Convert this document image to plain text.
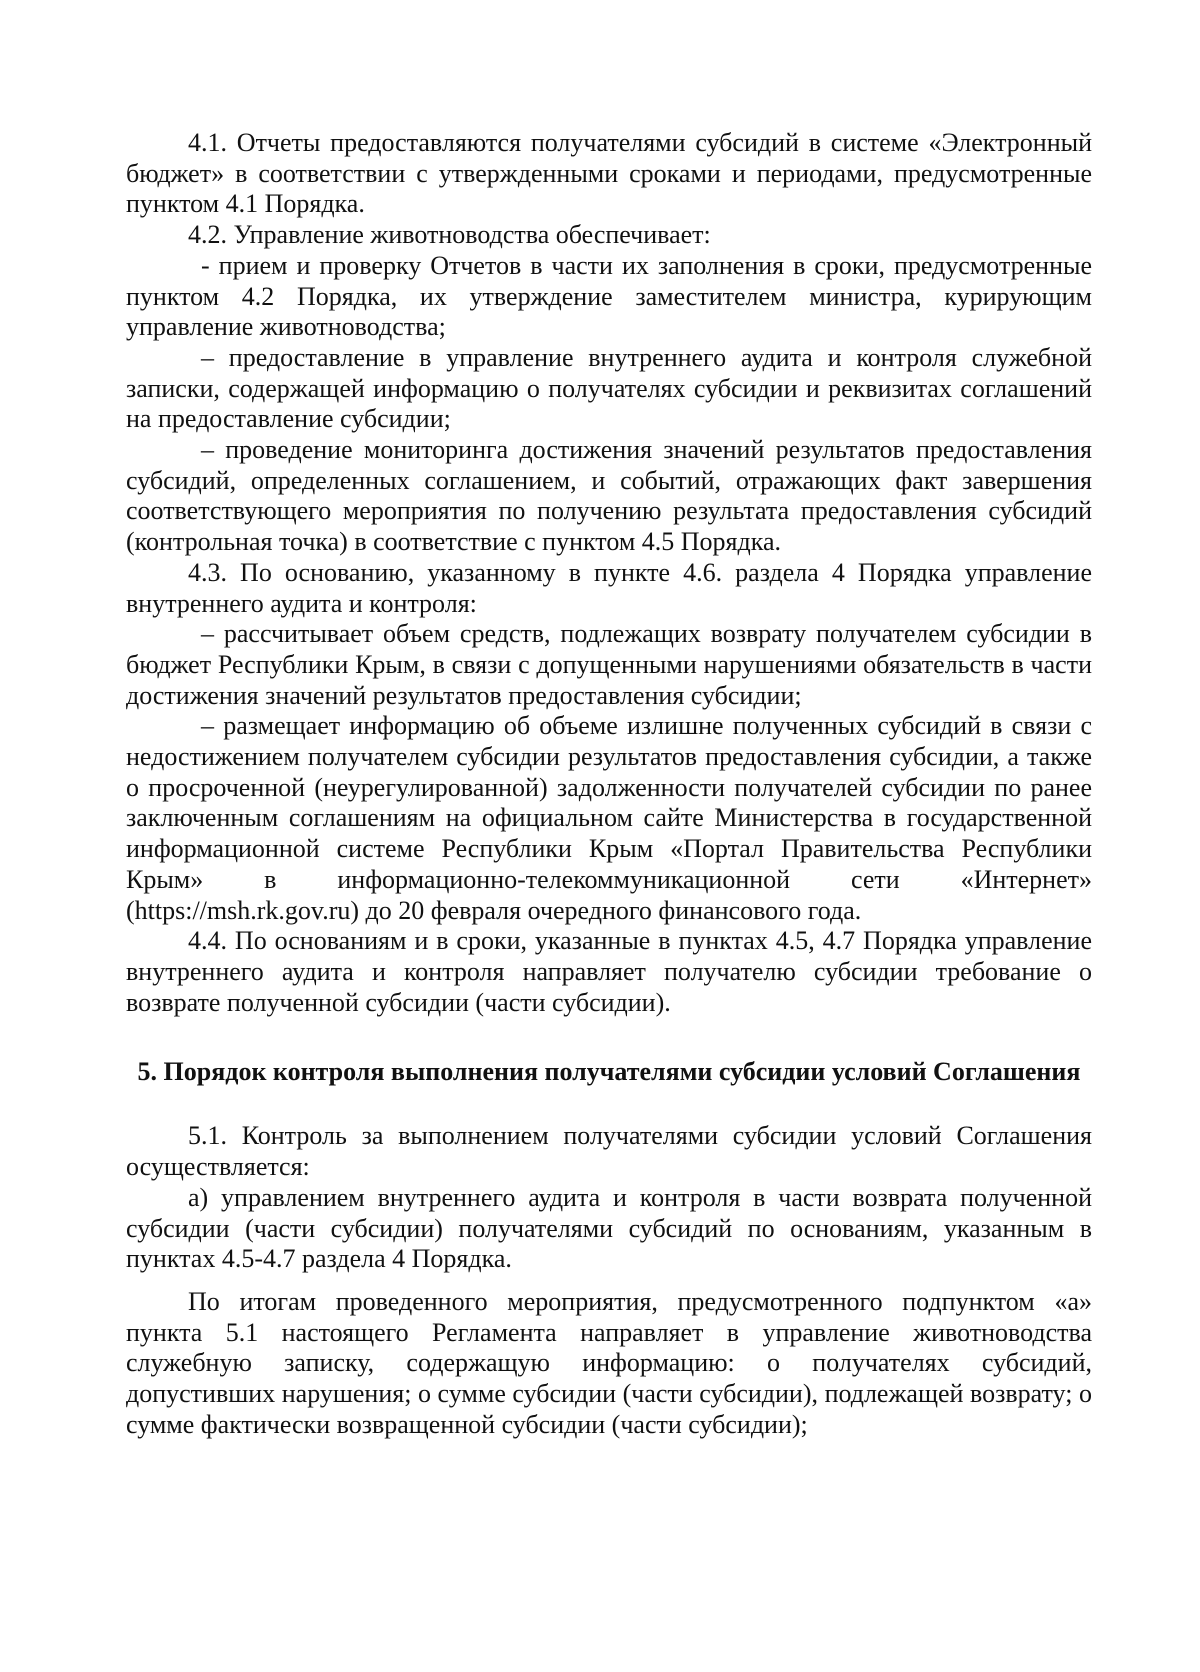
4.1. Отчеты предоставляются получателями субсидий в системе «Электронный бюджет» в соответствии с утвержденными сроками и периодами, предусмотренные пунктом 4.1 Порядка.

4.2. Управление животноводства обеспечивает:

- прием и проверку Отчетов в части их заполнения в сроки, предусмотренные пунктом 4.2 Порядка, их утверждение заместителем министра, курирующим управление животноводства;

– предоставление в управление внутреннего аудита и контроля служебной записки, содержащей информацию о получателях субсидии и реквизитах соглашений на предоставление субсидии;

– проведение мониторинга достижения значений результатов предоставления субсидий, определенных соглашением, и событий, отражающих факт завершения соответствующего мероприятия по получению результата предоставления субсидий (контрольная точка) в соответствие с пунктом 4.5 Порядка.

4.3. По основанию, указанному в пункте 4.6. раздела 4 Порядка управление внутреннего аудита и контроля:

– рассчитывает объем средств, подлежащих возврату получателем субсидии в бюджет Республики Крым, в связи с допущенными нарушениями обязательств в части достижения значений результатов предоставления субсидии;

– размещает информацию об объеме излишне полученных субсидий в связи с недостижением получателем субсидии результатов предоставления субсидии, а также о просроченной (неурегулированной) задолженности получателей субсидии по ранее заключенным соглашениям на официальном сайте Министерства в государственной информационной системе Республики Крым «Портал Правительства Республики Крым» в информационно-телекоммуникационной сети «Интернет» (https://msh.rk.gov.ru) до 20 февраля очередного финансового года.

4.4. По основаниям и в сроки, указанные в пунктах 4.5, 4.7 Порядка управление внутреннего аудита и контроля направляет получателю субсидии требование о возврате полученной субсидии (части субсидии).

5. Порядок контроля выполнения получателями субсидии условий Соглашения

5.1. Контроль за выполнением получателями субсидии условий Соглашения осуществляется:

а) управлением внутреннего аудита и контроля в части возврата полученной субсидии (части субсидии) получателями субсидий по основаниям, указанным в пунктах 4.5-4.7 раздела 4 Порядка.

По итогам проведенного мероприятия, предусмотренного подпунктом «а» пункта 5.1 настоящего Регламента направляет в управление животноводства служебную записку, содержащую информацию: о получателях субсидий, допустивших нарушения; о сумме субсидии (части субсидии), подлежащей возврату; о сумме фактически возвращенной субсидии (части субсидии);
